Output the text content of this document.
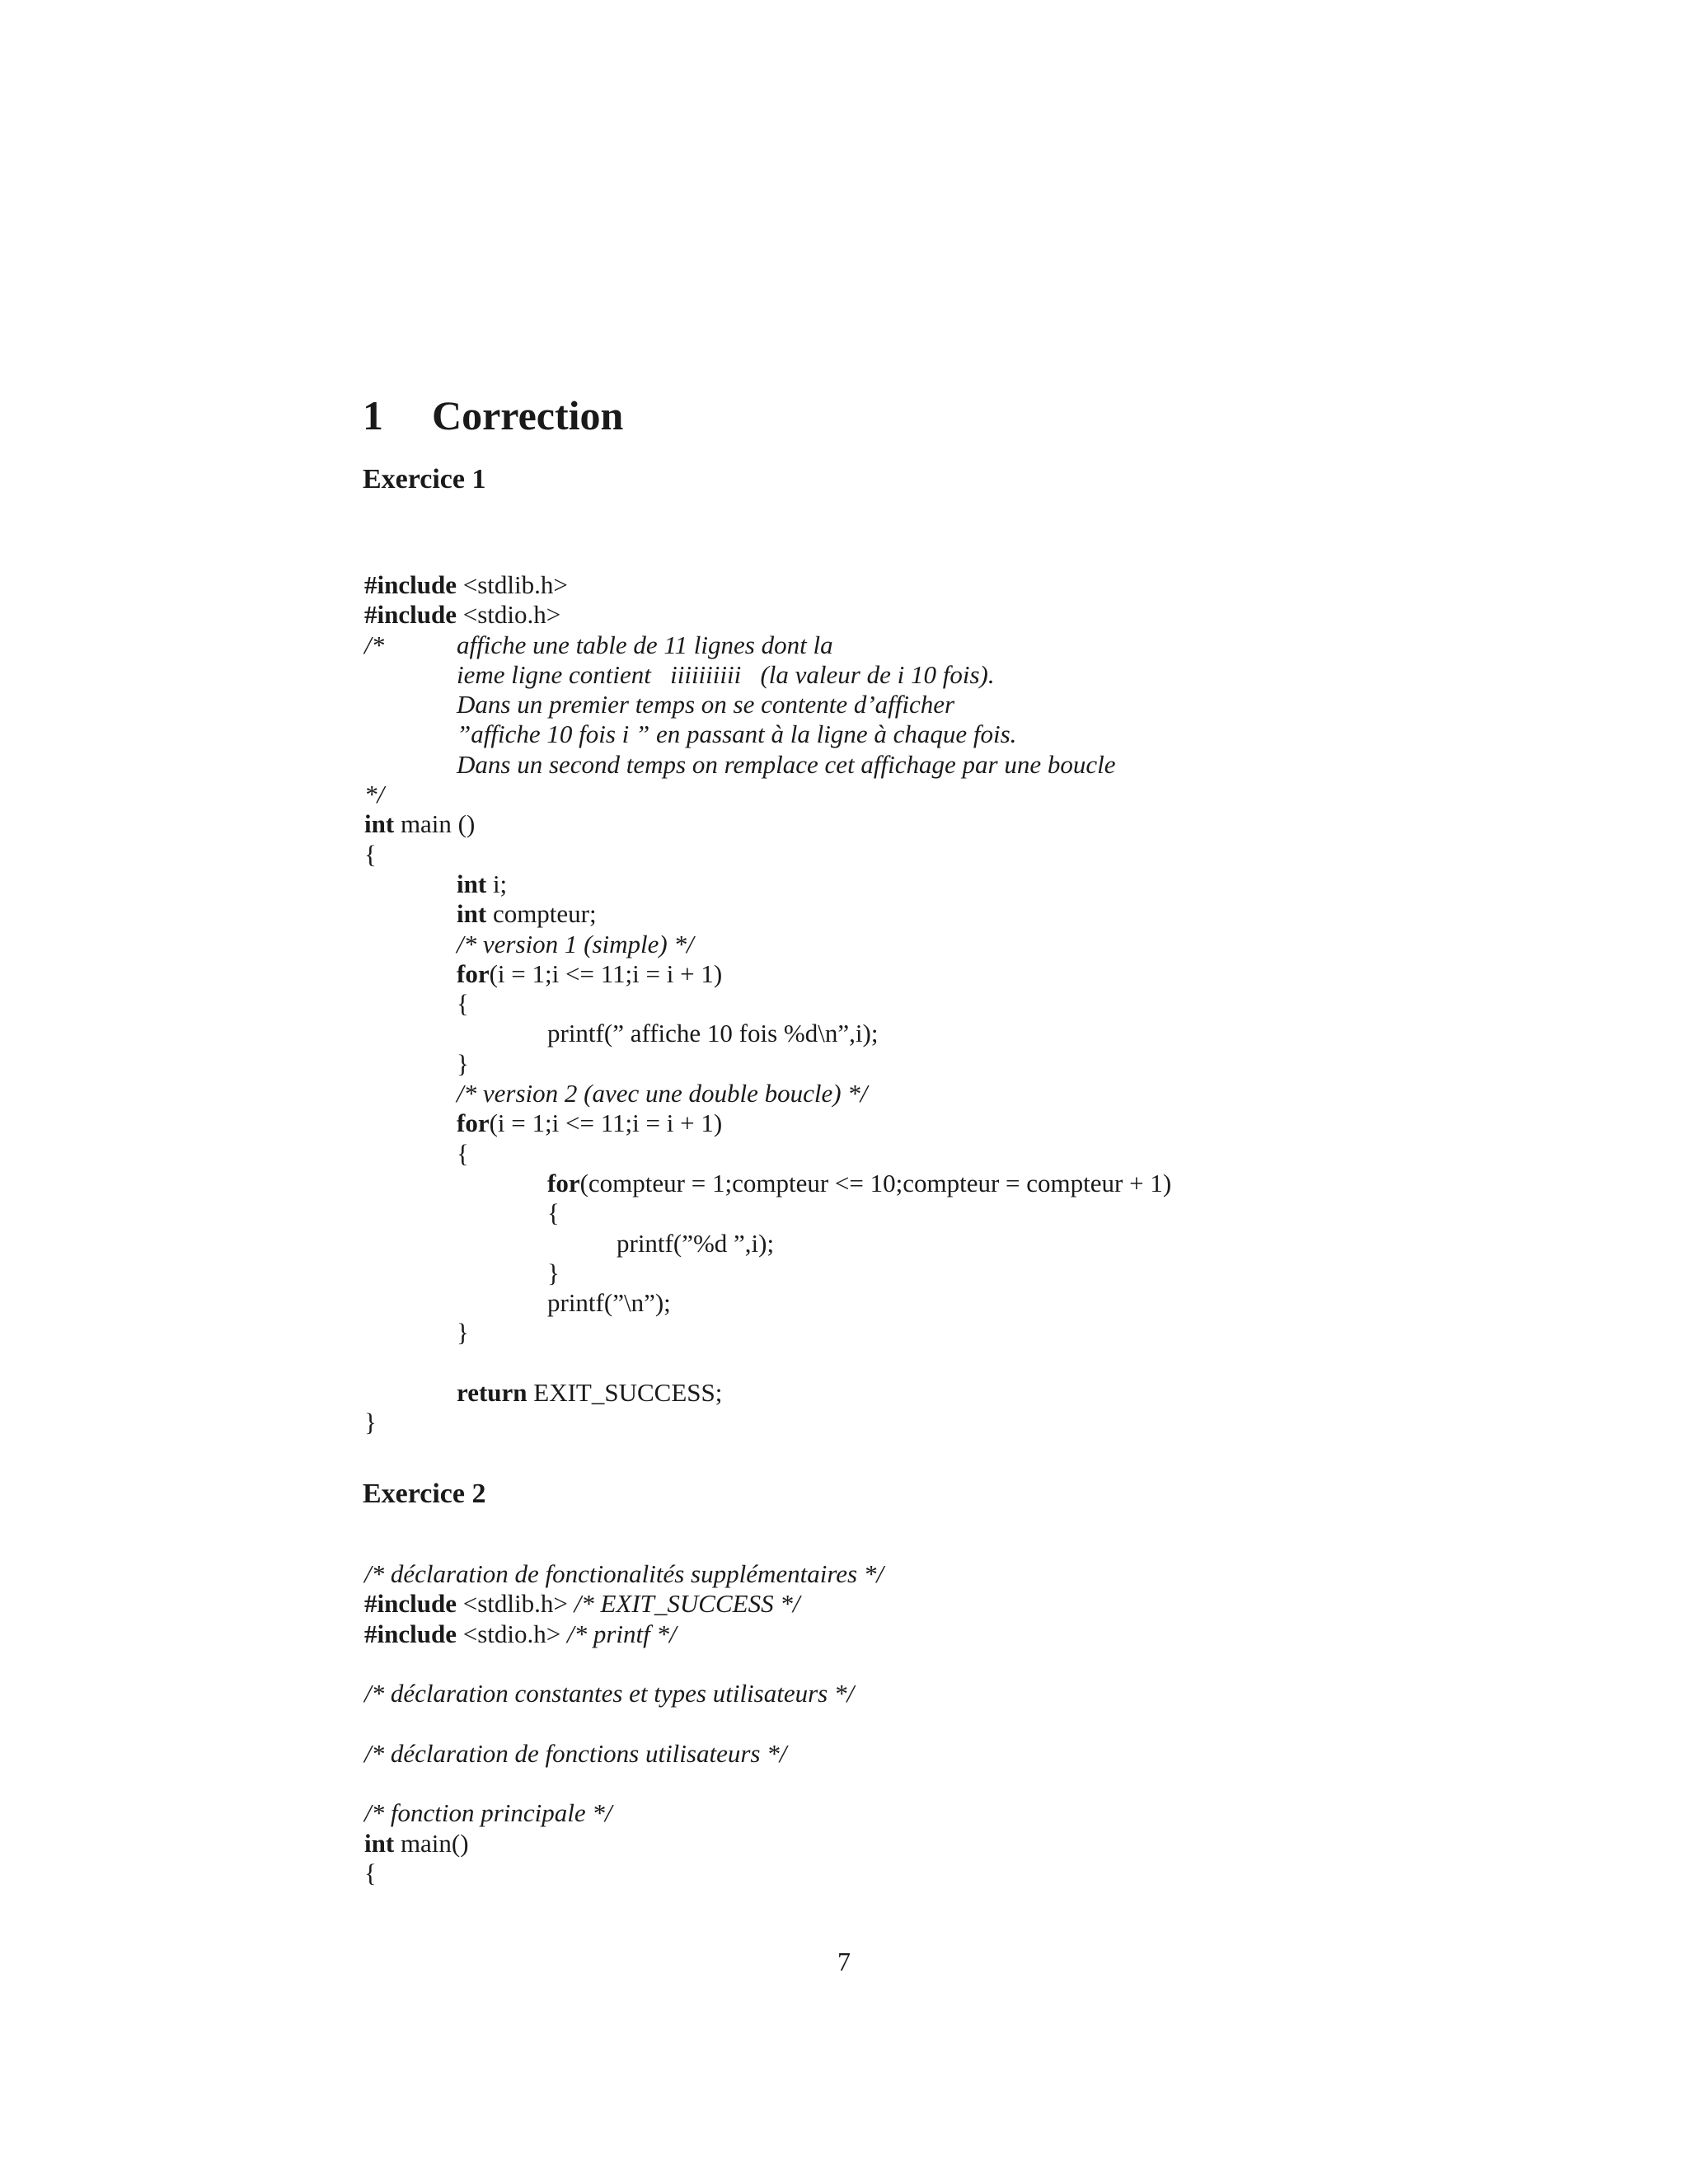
1 Correction
Exercice 1
#include <stdlib.h>
#include <stdio.h>
/*	affiche une table de 11 lignes dont la
ieme ligne contient   iiiiiiiiii   (la valeur de i 10 fois).
Dans un premier temps on se contente d’afficher
”affiche 10 fois i ” en passant à la ligne à chaque fois.
Dans un second temps on remplace cet affichage par une boucle
*/
int main ()
{
int i;
int compteur;
/* version 1 (simple) */
for(i = 1;i <= 11;i = i + 1)
{
printf(” affiche 10 fois %d\n”,i);
}
/* version 2 (avec une double boucle) */
for(i = 1;i <= 11;i = i + 1)
{
for(compteur = 1;compteur <= 10;compteur = compteur + 1)
{
printf(”%d ”,i);
}
printf(”\n”);
}
return EXIT_SUCCESS;
}
Exercice 2
/* déclaration de fonctionalités supplémentaires */
#include <stdlib.h> /* EXIT_SUCCESS */
#include <stdio.h> /* printf */
/* déclaration constantes et types utilisateurs */
/* déclaration de fonctions utilisateurs */
/* fonction principale */
int main()
{
7
